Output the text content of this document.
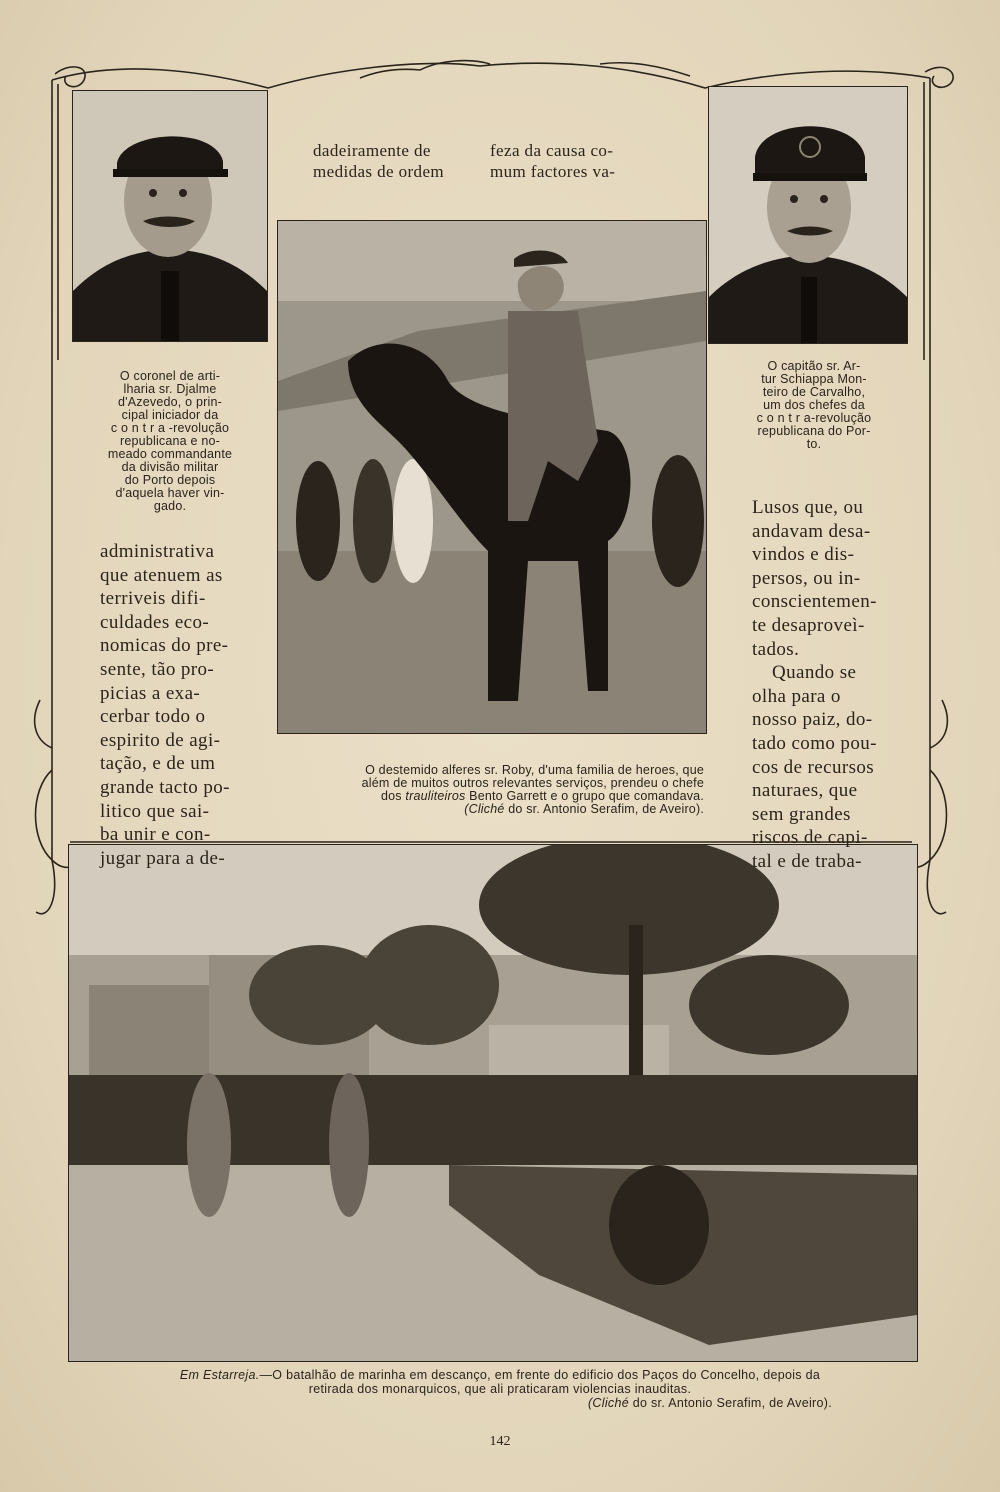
dadeiramente de

medidas de ordem

feza da causa co-

mum factores va-

O coronel de arti-

lharia sr. Djalme

d'Azevedo, o prin-

cipal iniciador da

c o n t r a -revolução

republicana e no-

meado commandante

da divisão militar

do Porto depois

d'aquela haver vin-

gado.

O capitão sr. Ar-

tur Schiappa Mon-

teiro de Carvalho,

um dos chefes da

c o n t r a-revolução

republicana do Por-

to.

administrativa

que atenuem as

terriveis difi-

culdades eco-

nomicas do pre-

sente, tão pro-

picias a exa-

cerbar todo o

espirito de agi-

tação, e de um

grande tacto po-

litico que sai-

ba unir e con-

jugar para a de-

O destemido alferes sr. Roby, d'uma familia de heroes, que

além de muitos outros relevantes serviços, prendeu o chefe

dos trauliteiros Bento Garrett e o grupo que comandava.

(Cliché do sr. Antonio Serafim, de Aveiro).

Lusos que, ou

andavam desa-

vindos e dis-

persos, ou in-

conscientemen-

te desaproveì-

tados.

Quando se

olha para o

nosso paiz, do-

tado como pou-

cos de recursos

naturaes, que

sem grandes

riscos de capi-

tal e de traba-

Em Estarreja.—O batalhão de marinha em descanço, em frente do edificio dos Paços do Concelho, depois da

retirada dos monarquicos, que ali praticaram violencias inauditas.

(Cliché do sr. Antonio Serafim, de Aveiro).

142
